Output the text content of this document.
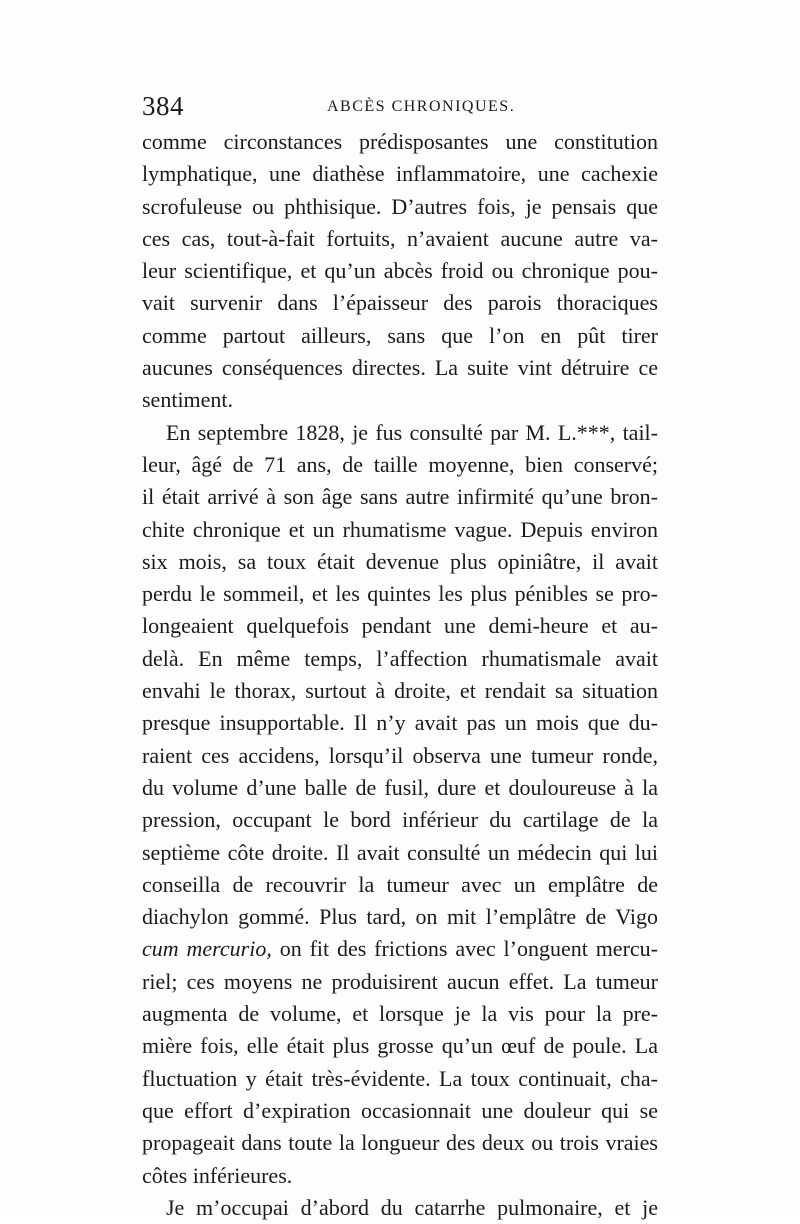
384	ABCÈS CHRONIQUES.
comme circonstances prédisposantes une constitution
lymphatique, une diathèse inflammatoire, une cachexie
scrofuleuse ou phthisique. D’autres fois, je pensais que
ces cas, tout-à-fait fortuits, n’avaient aucune autre va-
leur scientifique, et qu’un abcès froid ou chronique pou-
vait survenir dans l’épaisseur des parois thoraciques
comme partout ailleurs, sans que l’on en pût tirer
aucunes conséquences directes. La suite vint détruire ce
sentiment.
En septembre 1828, je fus consulté par M. L.***, tail-
leur, âgé de 71 ans, de taille moyenne, bien conservé;
il était arrivé à son âge sans autre infirmité qu’une bron-
chite chronique et un rhumatisme vague. Depuis environ
six mois, sa toux était devenue plus opiniâtre, il avait
perdu le sommeil, et les quintes les plus pénibles se pro-
longeaient quelquefois pendant une demi-heure et au-
delà. En même temps, l’affection rhumatismale avait
envahi le thorax, surtout à droite, et rendait sa situation
presque insupportable. Il n’y avait pas un mois que du-
raient ces accidens, lorsqu’il observa une tumeur ronde,
du volume d’une balle de fusil, dure et douloureuse à la
pression, occupant le bord inférieur du cartilage de la
septième côte droite. Il avait consulté un médecin qui lui
conseilla de recouvrir la tumeur avec un emplâtre de
diachylon gommé. Plus tard, on mit l’emplâtre de Vigo
cum mercurio, on fit des frictions avec l’onguent mercu-
riel; ces moyens ne produisirent aucun effet. La tumeur
augmenta de volume, et lorsque je la vis pour la pre-
mière fois, elle était plus grosse qu’un œuf de poule. La
fluctuation y était très-évidente. La toux continuait, cha-
que effort d’expiration occasionnait une douleur qui se
propageait dans toute la longueur des deux ou trois vraies
côtes inférieures.
Je m’occupai d’abord du catarrhe pulmonaire, et je
